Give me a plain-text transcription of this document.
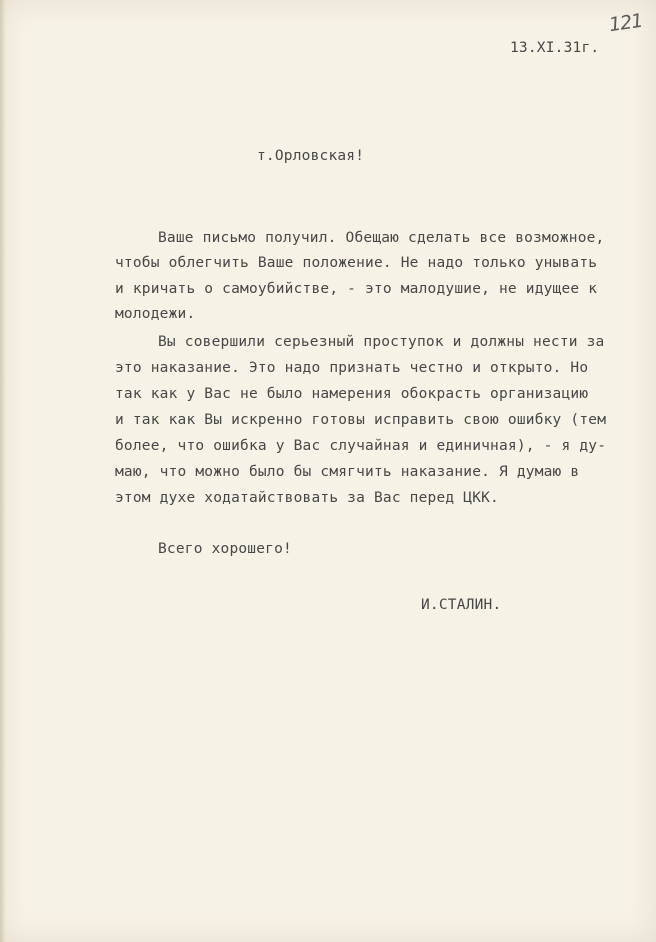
121
13.XI.31г.
т.Орловская!
Ваше письмо получил. Обещаю сделать все возможное,
чтобы облегчить Ваше положение. Не надо только унывать
и кричать о самоубийстве, - это малодушие, не идущее к
молодежи.
Вы совершили серьезный проступок и должны нести за
это наказание. Это надо признать честно и открыто. Но
так как у Вас не было намерения обокрасть организацию
и так как Вы искренно готовы исправить свою ошибку (тем
более, что ошибка у Вас случайная и единичная), - я ду-
маю, что можно было бы смягчить наказание. Я думаю в
этом духе ходатайствовать за Вас перед ЦКК.
Всего хорошего!
И.СТАЛИН.
